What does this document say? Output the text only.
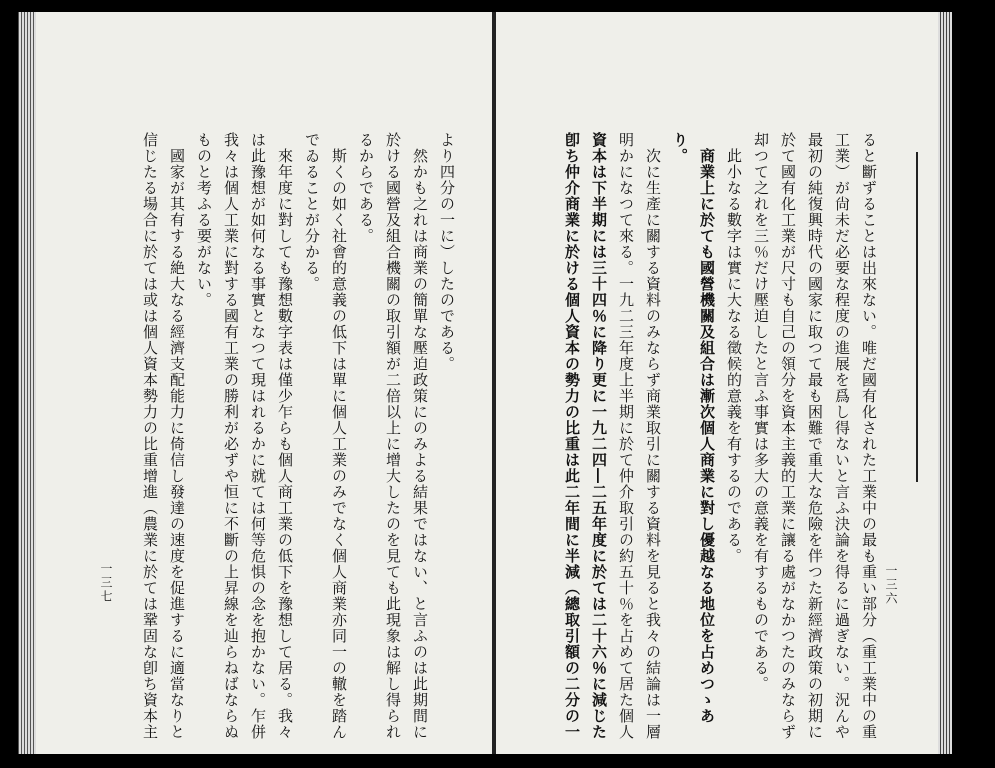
より四分の一に）したのである。
　然かも之れは商業の簡單な壓迫政策にのみよる結果ではない、と言ふのは此期間に
於ける國營及組合機關の取引額が二倍以上に增大したのを見ても此現象は解し得られ
るからである。
　斯くの如く社會的意義の低下は單に個人工業のみでなく個人商業亦同一の轍を踏ん
でゐることが分かる。
　來年度に對しても豫想數字表は僅少乍らも個人商工業の低下を豫想して居る。我々
は此豫想が如何なる事實となつて現はれるかに就ては何等危惧の念を抱かない。乍併
我々は個人工業に對する國有工業の勝利が必ずや恒に不斷の上昇線を辿らねばならぬ
ものと考ふる要がない。
　國家が其有する絶大なる經濟支配能力に倚信し發達の速度を促進するに適當なりと
信じたる場合に於ては或は個人資本勢力の比重增進（農業に於ては鞏固な卽ち資本主
一三七	一三六
ると斷ずることは出來ない。唯だ國有化された工業中の最も重い部分（重工業中の重
工業）が尙未だ必要な程度の進展を爲し得ないと言ふ決論を得るに過ぎない。況んや
最初の純復興時代の國家に取つて最も困難で重大な危險を伴つた新經濟政策の初期に
於て國有化工業が尺寸も自己の領分を資本主義的工業に讓る處がなかつたのみならず
却つて之れを三％だけ壓迫したと言ふ事實は多大の意義を有するものである。
　此小なる數字は實に大なる徵候的意義を有するのである。
　商業上に於ても國營機關及組合は漸次個人商業に對し優越なる地位を占めつゝあ
り。
　次に生產に關する資料のみならず商業取引に關する資料を見ると我々の結論は一層
明かになつて來る。一九二三年度上半期に於て仲介取引の約五十％を占めて居た個人
資本は下半期には三十四％に降り更に一九二四―二五年度に於ては二十六％に減じた
卽ち仲介商業に於ける個人資本の勢力の比重は此二年間に半減（總取引額の二分の一
